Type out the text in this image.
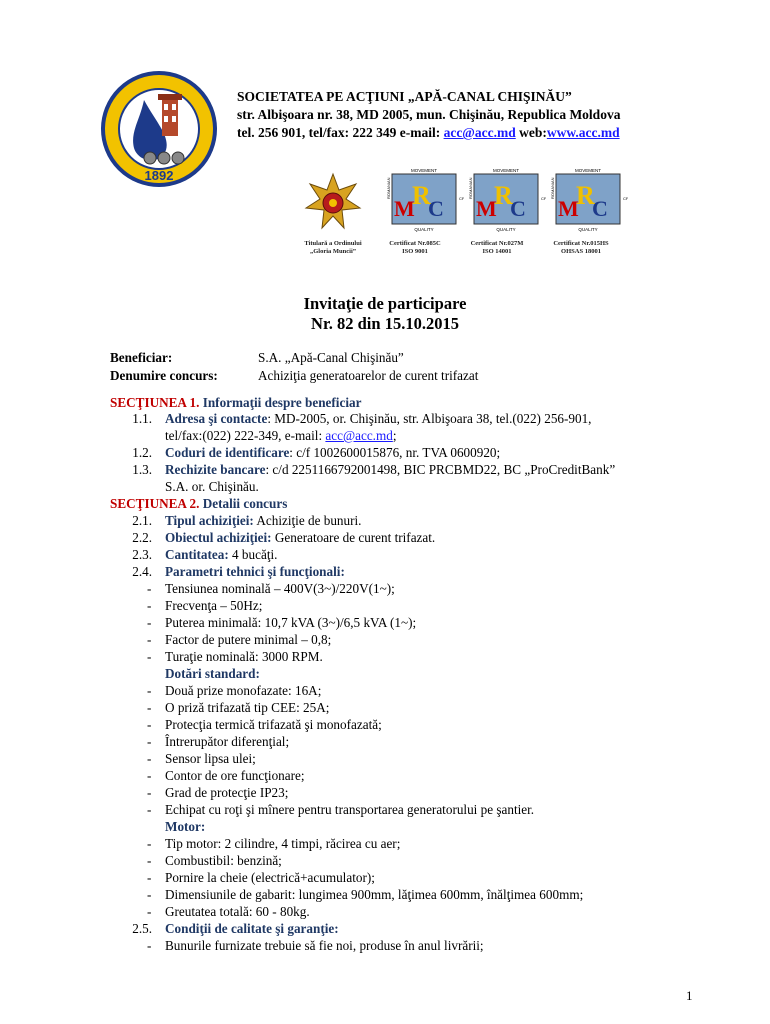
1892
SOCIETATEA PE ACŢIUNI „APĂ-CANAL CHIŞINĂU”
str. Albişoara nr. 38, MD 2005, mun. Chişinău, Republica Moldova
tel. 256 901, tel/fax: 222 349 e-mail: acc@acc.md web:www.acc.md
MOVEMENT
QUALITY
ROMANIAN	CF
M
R
C
MOVEMENT
QUALITY
ROMANIAN	CF
M
R
C
MOVEMENT
QUALITY
ROMANIAN	CF
M
R
C
Titulară a Ordinului
„Gloria Muncii”
Certificat Nr.085C
ISO 9001
Certificat Nr.027M
ISO 14001
Certificat Nr.015HS
OHSAS 18001
Invitaţie de participare
Nr. 82 din 15.10.2015
Beneficiar:	S.A. „Apă-Canal Chişinău”
Denumire concurs:	Achiziţia generatoarelor de curent trifazat
SECŢIUNEA 1. Informaţii despre beneficiar
1.1. Adresa şi contacte: MD-2005, or. Chişinău, str. Albişoara 38, tel.(022) 256-901,
tel/fax:(022) 222-349, e-mail: acc@acc.md;
1.2. Coduri de identificare: c/f 1002600015876, nr. TVA 0600920;
1.3. Rechizite bancare: c/d 2251166792001498, BIC PRCBMD22, BC „ProCreditBank”
S.A. or. Chişinău.
SECŢIUNEA 2. Detalii concurs
2.1. Tipul achiziţiei: Achiziţie de bunuri.
2.2. Obiectul achiziţiei: Generatoare de curent trifazat.
2.3. Cantitatea: 4 bucăţi.
2.4. Parametri tehnici şi funcţionali:
- Tensiunea nominală – 400V(3~)/220V(1~);
- Frecvenţa – 50Hz;
- Puterea minimală: 10,7 kVA (3~)/6,5 kVA (1~);
- Factor de putere minimal – 0,8;
- Turaţie nominală: 3000 RPM.
Dotări standard:
- Două prize monofazate: 16A;
- O priză trifazată tip CEE: 25A;
- Protecţia termică trifazată şi monofazată;
- Întrerupător diferenţial;
- Sensor lipsa ulei;
- Contor de ore funcţionare;
- Grad de protecţie IP23;
- Echipat cu roţi şi mînere pentru transportarea generatorului pe şantier.
Motor:
- Tip motor: 2 cilindre, 4 timpi, răcirea cu aer;
- Combustibil: benzină;
- Pornire la cheie (electrică+acumulator);
- Dimensiunile de gabarit: lungimea 900mm, lăţimea 600mm, înălţimea 600mm;
- Greutatea totală: 60 - 80kg.
2.5. Condiţii de calitate şi garanţie:
- Bunurile furnizate trebuie să fie noi, produse în anul livrării;
1
